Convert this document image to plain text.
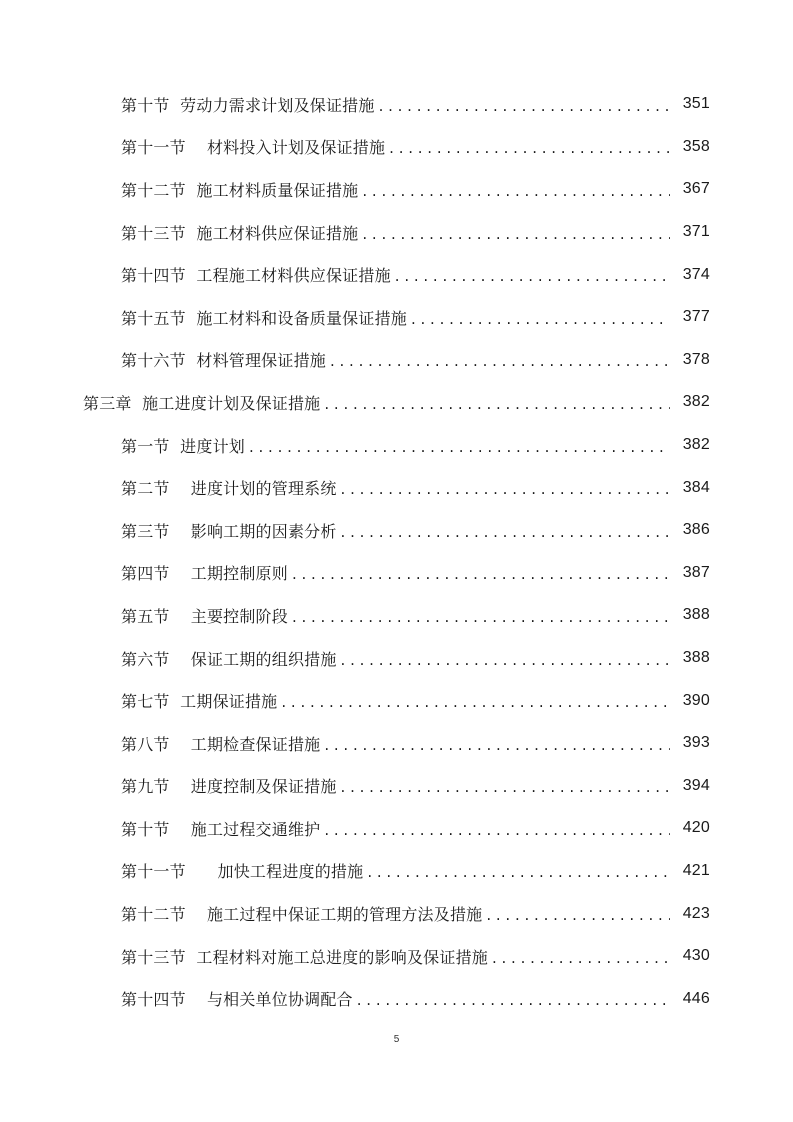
第十节  劳动力需求计划及保证措施 . . .	351
第十一节    材料投入计划及保证措施 . . .	358
第十二节  施工材料质量保证措施 . . .	367
第十三节  施工材料供应保证措施 . . .	371
第十四节  工程施工材料供应保证措施 . . .	374
第十五节  施工材料和设备质量保证措施 . . .	377
第十六节  材料管理保证措施 . . .	378
第三章  施工进度计划及保证措施 . . .	382
第一节  进度计划 . . .	382
第二节    进度计划的管理系统 . . .	384
第三节    影响工期的因素分析 . . .	386
第四节    工期控制原则 . . .	387
第五节    主要控制阶段 . . .	388
第六节    保证工期的组织措施 . . .	388
第七节  工期保证措施 . . .	390
第八节    工期检查保证措施 . . .	393
第九节    进度控制及保证措施 . . .	394
第十节    施工过程交通维护 . . .	420
第十一节      加快工程进度的措施 . . .	421
第十二节    施工过程中保证工期的管理方法及措施 . . .	423
第十三节  工程材料对施工总进度的影响及保证措施 . . .	430
第十四节    与相关单位协调配合 . . .	446
5
